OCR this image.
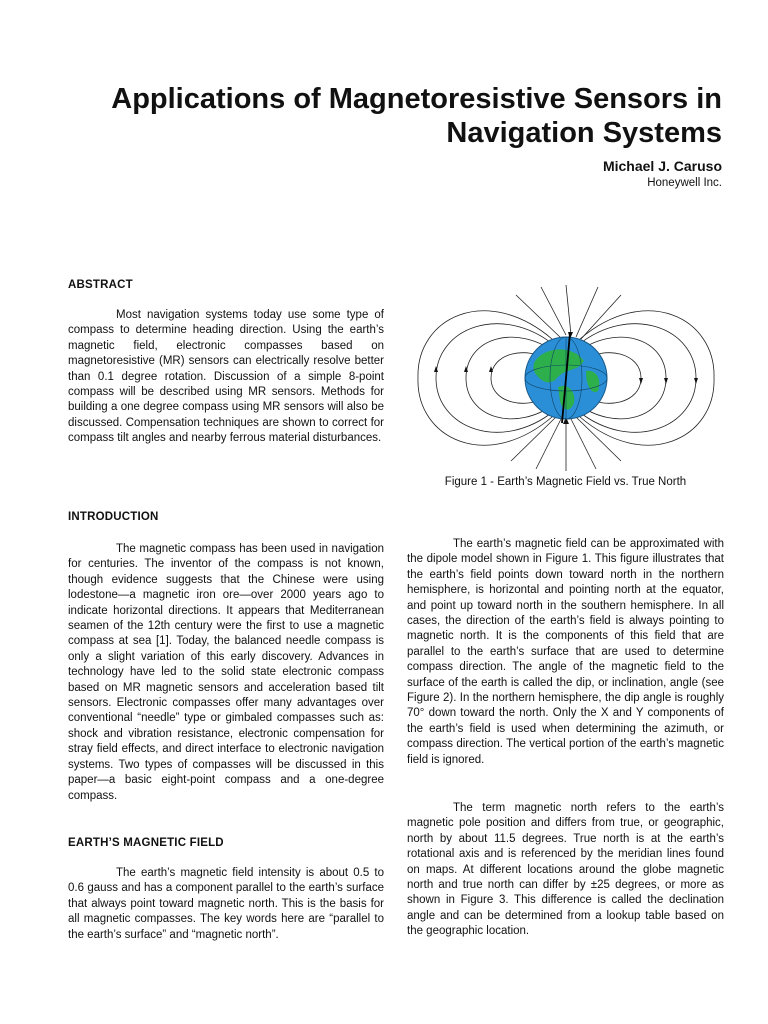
Applications of Magnetoresistive Sensors in Navigation Systems
Michael J. Caruso
Honeywell Inc.
ABSTRACT

Most navigation systems today use some type of compass to determine heading direction. Using the earth’s magnetic field, electronic compasses based on magnetoresistive (MR) sensors can electrically resolve better than 0.1 degree rotation. Discussion of a simple 8-point compass will be described using MR sensors. Methods for building a one degree compass using MR sensors will also be discussed. Compensation techniques are shown to correct for compass tilt angles and nearby ferrous material disturbances.

INTRODUCTION

The magnetic compass has been used in navigation for centuries. The inventor of the compass is not known, though evidence suggests that the Chinese were using lodestone—a magnetic iron ore—over 2000 years ago to indicate horizontal directions. It appears that Mediterranean seamen of the 12th century were the first to use a magnetic compass at sea [1]. Today, the balanced needle compass is only a slight variation of this early discovery. Advances in technology have led to the solid state electronic compass based on MR magnetic sensors and acceleration based tilt sensors. Electronic compasses offer many advantages over conventional “needle” type or gimbaled compasses such as: shock and vibration resistance, electronic compensation for stray field effects, and direct interface to electronic navigation systems. Two types of compasses will be discussed in this paper—a basic eight-point compass and a one-degree compass.

EARTH’S MAGNETIC FIELD

The earth’s magnetic field intensity is about 0.5 to 0.6 gauss and has a component parallel to the earth’s surface that always point toward magnetic north. This is the basis for all magnetic compasses. The key words here are “parallel to the earth’s surface” and “magnetic north”.

Figure 1 - Earth’s Magnetic Field vs. True North

The earth’s magnetic field can be approximated with the dipole model shown in Figure 1. This figure illustrates that the earth’s field points down toward north in the northern hemisphere, is horizontal and pointing north at the equator, and point up toward north in the southern hemisphere. In all cases, the direction of the earth’s field is always pointing to magnetic north. It is the components of this field that are parallel to the earth’s surface that are used to determine compass direction. The angle of the magnetic field to the surface of the earth is called the dip, or inclination, angle (see Figure 2). In the northern hemisphere, the dip angle is roughly 70° down toward the north. Only the X and Y components of the earth’s field is used when determining the azimuth, or compass direction. The vertical portion of the earth’s magnetic field is ignored.

The term magnetic north refers to the earth’s magnetic pole position and differs from true, or geographic, north by about 11.5 degrees. True north is at the earth’s rotational axis and is referenced by the meridian lines found on maps. At different locations around the globe magnetic north and true north can differ by ±25 degrees, or more as shown in Figure 3. This difference is called the declination angle and can be determined from a lookup table based on the geographic location.
